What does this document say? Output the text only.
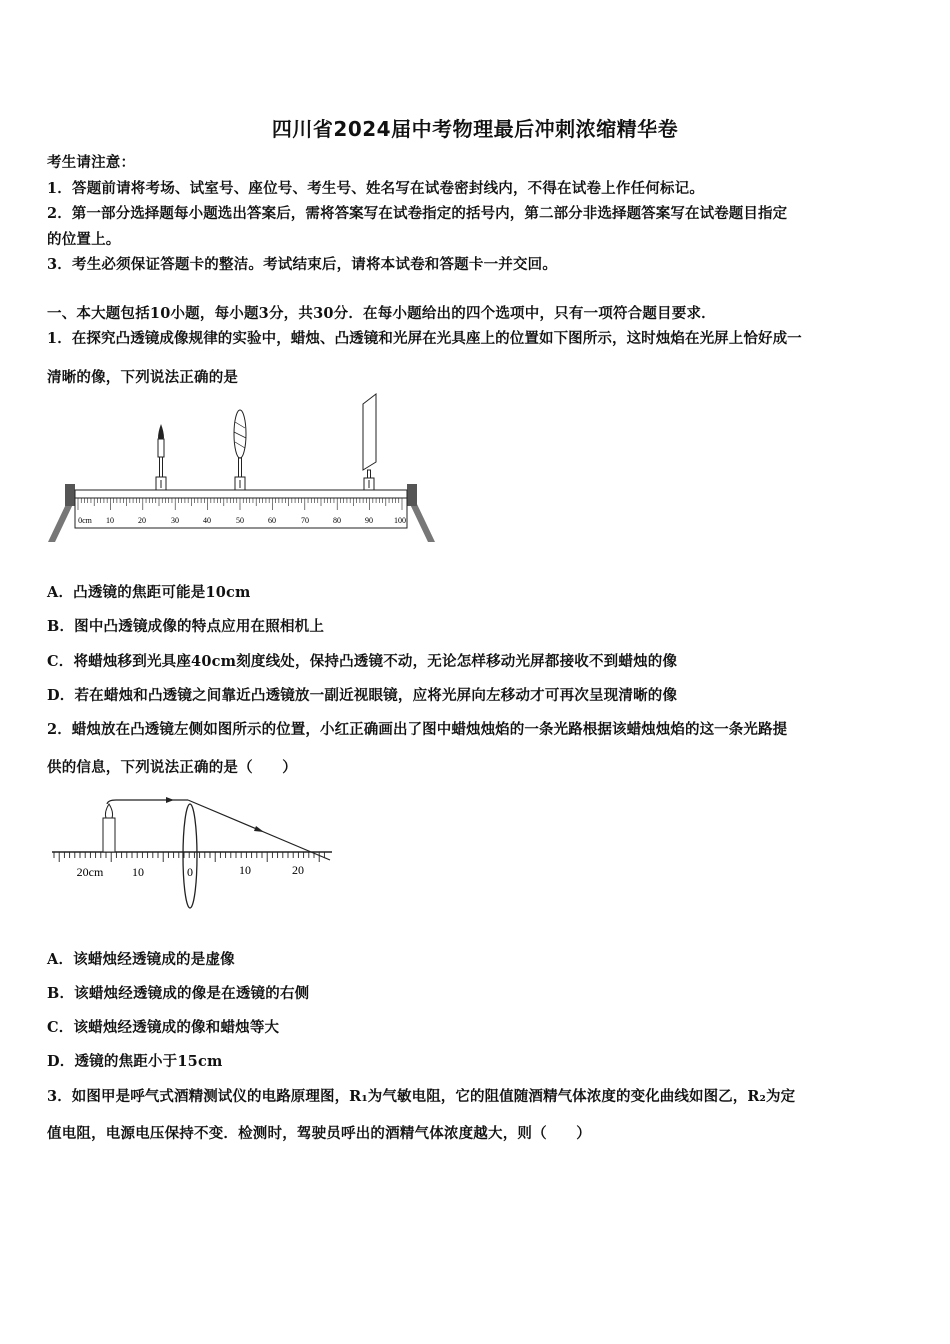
四川省2024届中考物理最后冲刺浓缩精华卷
考生请注意：
1．答题前请将考场、试室号、座位号、考生号、姓名写在试卷密封线内，不得在试卷上作任何标记。
2．第一部分选择题每小题选出答案后，需将答案写在试卷指定的括号内，第二部分非选择题答案写在试卷题目指定
的位置上。
3．考生必须保证答题卡的整洁。考试结束后，请将本试卷和答题卡一并交回。
一、本大题包括10小题，每小题3分，共30分．在每小题给出的四个选项中，只有一项符合题目要求．
1．在探究凸透镜成像规律的实验中，蜡烛、凸透镜和光屏在光具座上的位置如下图所示，这时烛焰在光屏上恰好成一
清晰的像，下列说法正确的是
0cm 10	20	30	40	50	60	70	80	90	100
A．凸透镜的焦距可能是10cm
B．图中凸透镜成像的特点应用在照相机上
C．将蜡烛移到光具座40cm刻度线处，保持凸透镜不动，无论怎样移动光屏都接收不到蜡烛的像
D．若在蜡烛和凸透镜之间靠近凸透镜放一副近视眼镜，应将光屏向左移动才可再次呈现清晰的像
2．蜡烛放在凸透镜左侧如图所示的位置，小红正确画出了图中蜡烛烛焰的一条光路根据该蜡烛烛焰的这一条光路提
供的信息，下列说法正确的是（　　）
20cm 10	0	10	20
A．该蜡烛经透镜成的是虚像
B．该蜡烛经透镜成的像是在透镜的右侧
C．该蜡烛经透镜成的像和蜡烛等大
D．透镜的焦距小于15cm
3．如图甲是呼气式酒精测试仪的电路原理图，R₁为气敏电阻，它的阻值随酒精气体浓度的变化曲线如图乙，R₂为定
值电阻，电源电压保持不变．检测时，驾驶员呼出的酒精气体浓度越大，则（　　）
